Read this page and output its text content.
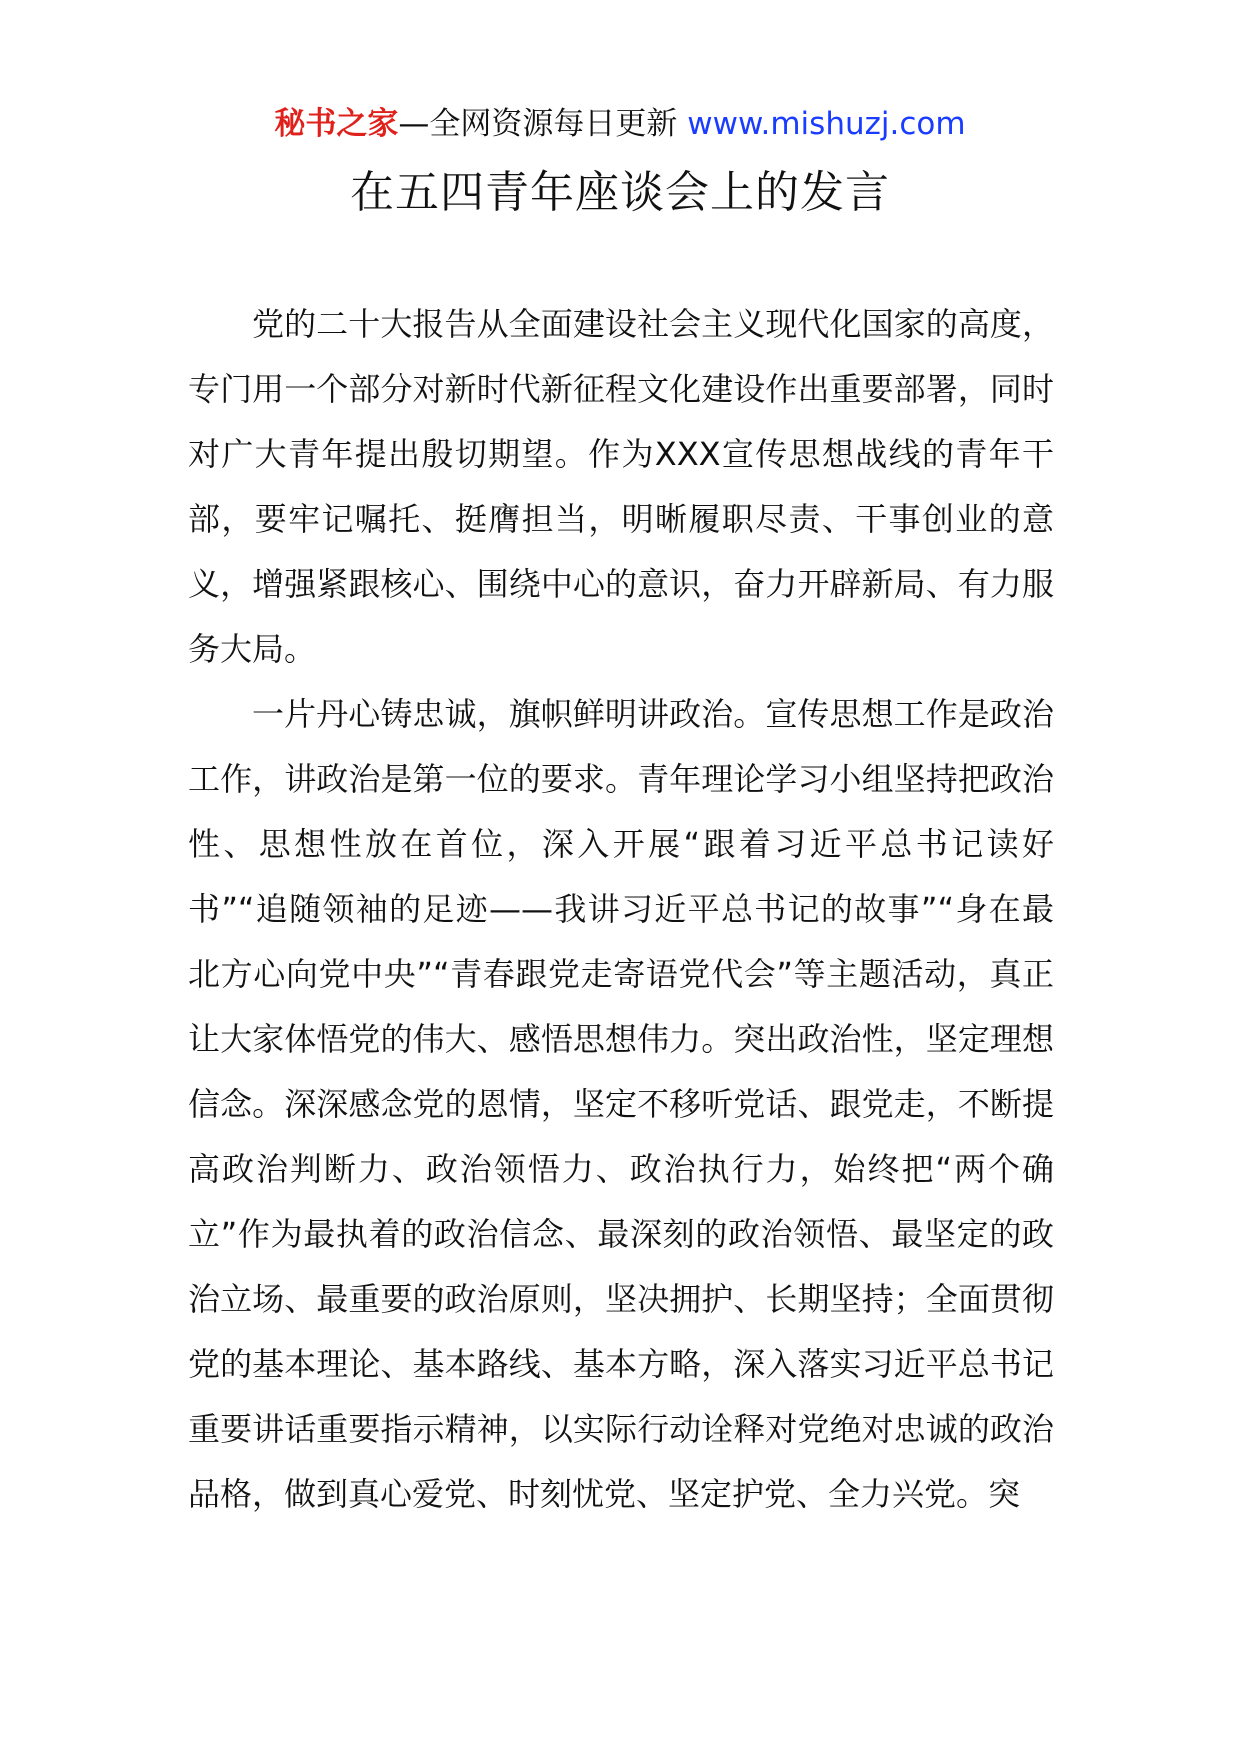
秘书之家—全网资源每日更新 www.mishuzj.com
在五四青年座谈会上的发言

党的二十大报告从全面建设社会主义现代化国家的高度，专门用一个部分对新时代新征程文化建设作出重要部署，同时对广大青年提出殷切期望。作为XXX宣传思想战线的青年干部，要牢记嘱托、挺膺担当，明晰履职尽责、干事创业的意义，增强紧跟核心、围绕中心的意识，奋力开辟新局、有力服务大局。

一片丹心铸忠诚，旗帜鲜明讲政治。宣传思想工作是政治工作，讲政治是第一位的要求。青年理论学习小组坚持把政治性、思想性放在首位，深入开展“跟着习近平总书记读好书”“追随领袖的足迹——我讲习近平总书记的故事”“身在最北方心向党中央”“青春跟党走寄语党代会”等主题活动，真正让大家体悟党的伟大、感悟思想伟力。突出政治性，坚定理想信念。深深感念党的恩情，坚定不移听党话、跟党走，不断提高政治判断力、政治领悟力、政治执行力，始终把“两个确立”作为最执着的政治信念、最深刻的政治领悟、最坚定的政治立场、最重要的政治原则，坚决拥护、长期坚持；全面贯彻党的基本理论、基本路线、基本方略，深入落实习近平总书记重要讲话重要指示精神，以实际行动诠释对党绝对忠诚的政治品格，做到真心爱党、时刻忧党、坚定护党、全力兴党。突
